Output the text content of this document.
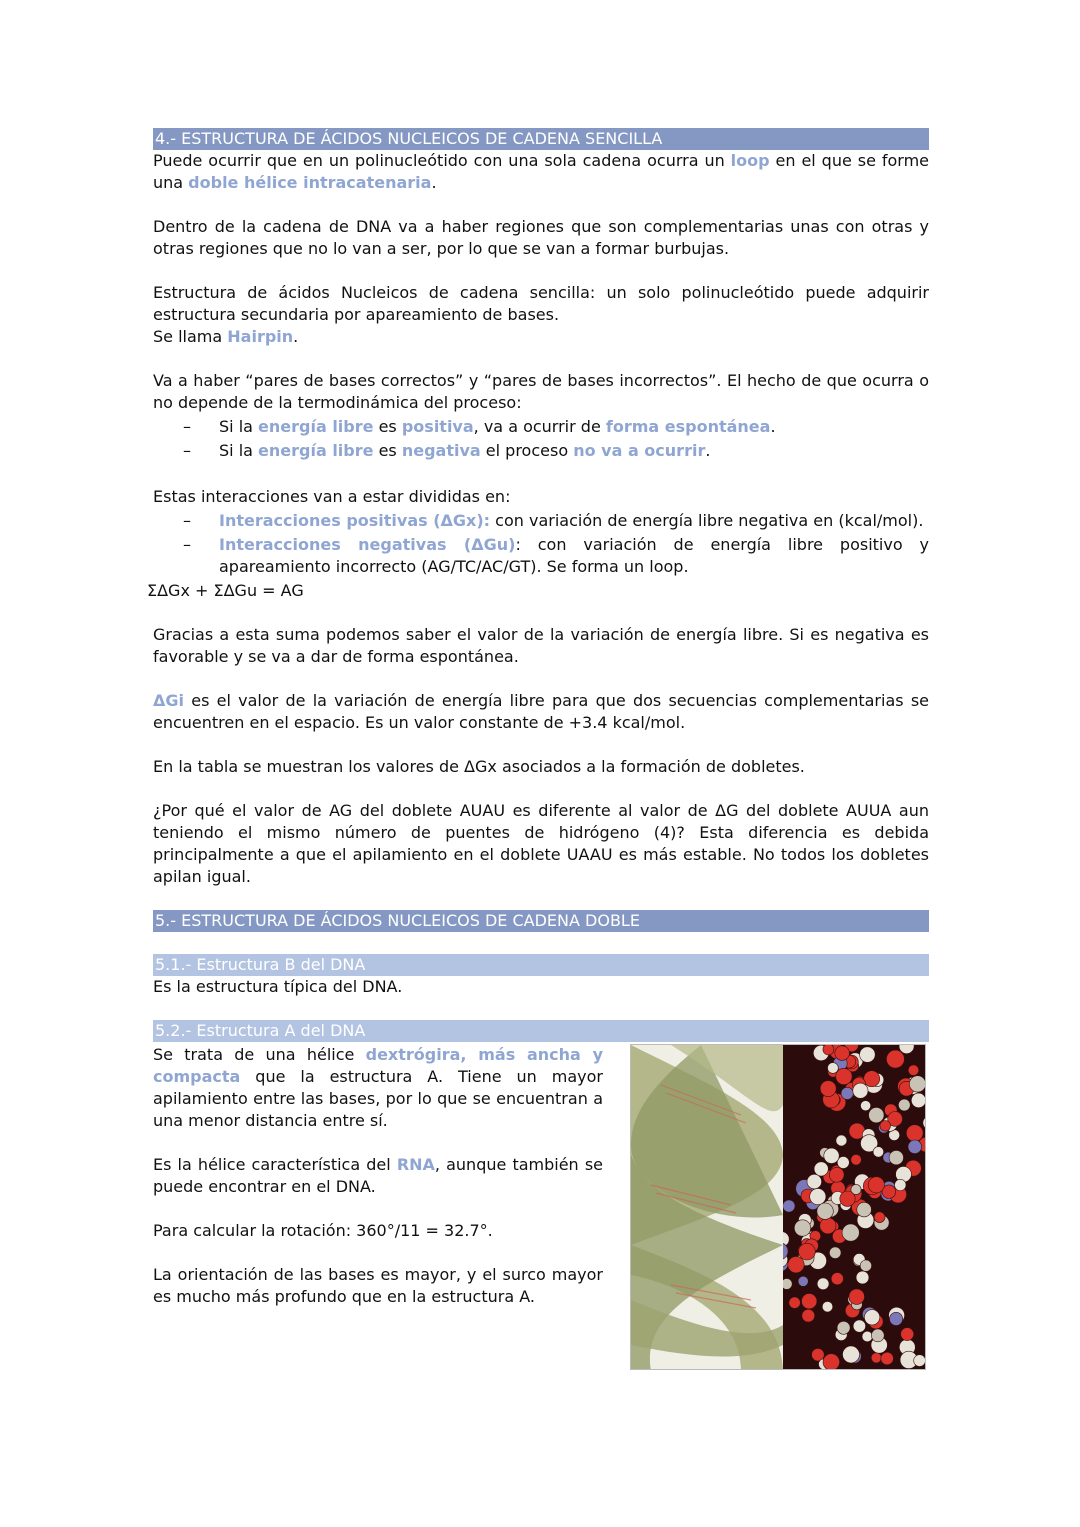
4.- ESTRUCTURA DE ÁCIDOS NUCLEICOS DE CADENA SENCILLA

Puede ocurrir que en un polinucleótido con una sola cadena ocurra un loop en el que se forme una doble hélice intracatenaria.

Dentro de la cadena de DNA va a haber regiones que son complementarias unas con otras y otras regiones que no lo van a ser, por lo que se van a formar burbujas.

Estructura de ácidos Nucleicos de cadena sencilla: un solo polinucleótido puede adquirir estructura secundaria por apareamiento de bases.

Se llama Hairpin.

Va a haber “pares de bases correctos” y “pares de bases incorrectos”. El hecho de que ocurra o no depende de la termodinámica del proceso:

– Si la energía libre es positiva, va a ocurrir de forma espontánea.
– Si la energía libre es negativa el proceso no va a ocurrir.

Estas interacciones van a estar divididas en:

– Interacciones positivas (ΔGx): con variación de energía libre negativa en (kcal/mol).
– Interacciones negativas (ΔGu): con variación de energía libre positivo y apareamiento incorrecto (AG/TC/AC/GT). Se forma un loop.

ΣΔGx + ΣΔGu = AG

Gracias a esta suma podemos saber el valor de la variación de energía libre. Si es negativa es favorable y se va a dar de forma espontánea.

ΔGi es el valor de la variación de energía libre para que dos secuencias complementarias se encuentren en el espacio. Es un valor constante de +3.4 kcal/mol.

En la tabla se muestran los valores de ΔGx asociados a la formación de dobletes.

¿Por qué el valor de AG del doblete AUAU es diferente al valor de ΔG del doblete AUUA aun teniendo el mismo número de puentes de hidrógeno (4)? Esta diferencia es debida principalmente a que el apilamiento en el doblete UAAU es más estable. No todos los dobletes apilan igual.

5.- ESTRUCTURA DE ÁCIDOS NUCLEICOS DE CADENA DOBLE
5.1.- Estructura B del DNA

Es la estructura típica del DNA.

5.2.- Estructura A del DNA

Se trata de una hélice dextrógira, más ancha y compacta que la estructura A. Tiene un mayor apilamiento entre las bases, por lo que se encuentran a una menor distancia entre sí.

Es la hélice característica del RNA, aunque también se puede encontrar en el DNA.

Para calcular la rotación: 360°/11 = 32.7°.

La orientación de las bases es mayor, y el surco mayor es mucho más profundo que en la estructura A.
